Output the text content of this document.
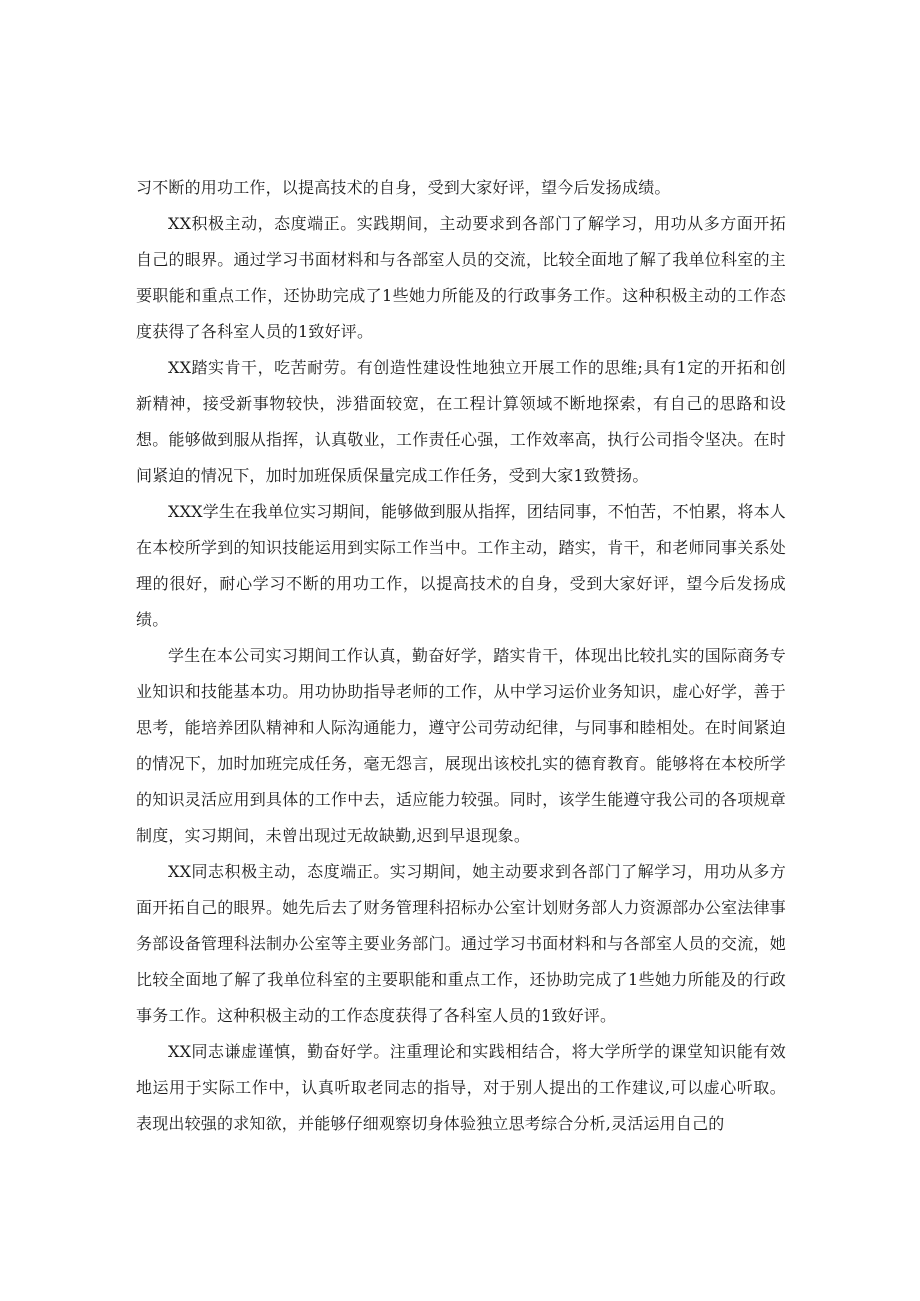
习不断的用功工作，以提高技术的自身，受到大家好评，望今后发扬成绩。

XX积极主动，态度端正。实践期间，主动要求到各部门了解学习，用功从多方面开拓自己的眼界。通过学习书面材料和与各部室人员的交流，比较全面地了解了我单位科室的主要职能和重点工作，还协助完成了1些她力所能及的行政事务工作。这种积极主动的工作态度获得了各科室人员的1致好评。

XX踏实肯干，吃苦耐劳。有创造性建设性地独立开展工作的思维;具有1定的开拓和创新精神，接受新事物较快，涉猎面较宽，在工程计算领域不断地探索，有自己的思路和设想。能够做到服从指挥，认真敬业，工作责任心强，工作效率高，执行公司指令坚决。在时间紧迫的情况下，加时加班保质保量完成工作任务，受到大家1致赞扬。

XXX学生在我单位实习期间，能够做到服从指挥，团结同事，不怕苦，不怕累，将本人在本校所学到的知识技能运用到实际工作当中。工作主动，踏实，肯干，和老师同事关系处理的很好，耐心学习不断的用功工作，以提高技术的自身，受到大家好评，望今后发扬成绩。

学生在本公司实习期间工作认真，勤奋好学，踏实肯干，体现出比较扎实的国际商务专业知识和技能基本功。用功协助指导老师的工作，从中学习运价业务知识，虚心好学，善于思考，能培养团队精神和人际沟通能力，遵守公司劳动纪律，与同事和睦相处。在时间紧迫的情况下，加时加班完成任务，毫无怨言，展现出该校扎实的德育教育。能够将在本校所学的知识灵活应用到具体的工作中去，适应能力较强。同时，该学生能遵守我公司的各项规章制度，实习期间，未曾出现过无故缺勤,迟到早退现象。

XX同志积极主动，态度端正。实习期间，她主动要求到各部门了解学习，用功从多方面开拓自己的眼界。她先后去了财务管理科招标办公室计划财务部人力资源部办公室法律事务部设备管理科法制办公室等主要业务部门。通过学习书面材料和与各部室人员的交流，她比较全面地了解了我单位科室的主要职能和重点工作，还协助完成了1些她力所能及的行政事务工作。这种积极主动的工作态度获得了各科室人员的1致好评。

XX同志谦虚谨慎，勤奋好学。注重理论和实践相结合，将大学所学的课堂知识能有效地运用于实际工作中，认真听取老同志的指导，对于别人提出的工作建议,可以虚心听取。表现出较强的求知欲，并能够仔细观察切身体验独立思考综合分析,灵活运用自己的
